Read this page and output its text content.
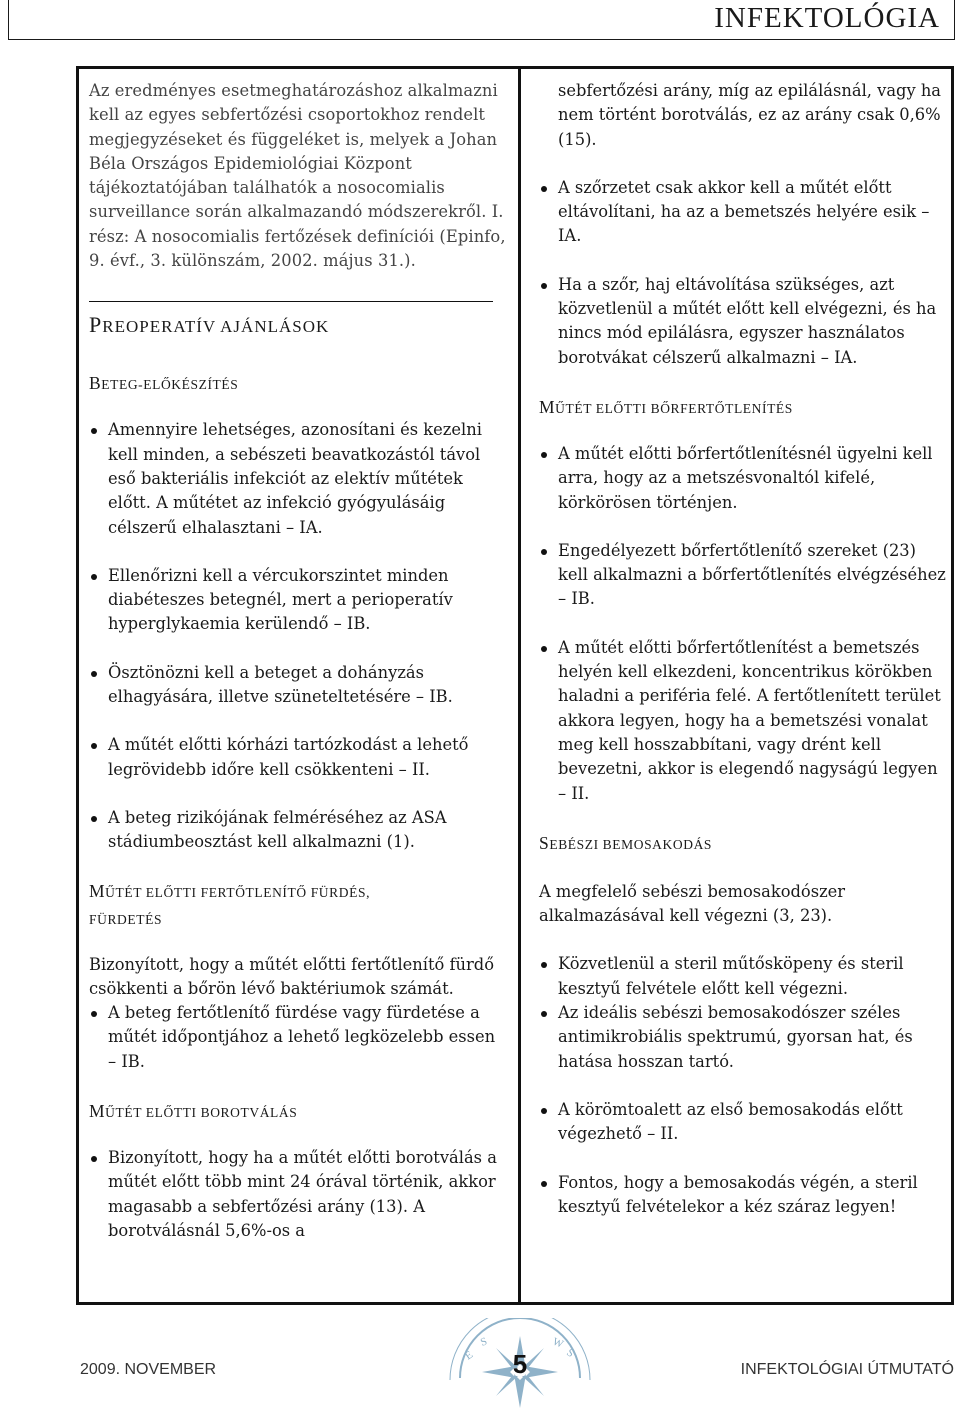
INFEKTOLÓGIA

Az eredményes esetmeghatározáshoz alkalmazni kell az egyes sebfertőzési csoportokhoz rendelt megjegyzéseket és függeléket is, melyek a Johan Béla Országos Epidemiológiai Központ tájékoztatójában találhatók a nosocomialis surveillance során alkalmazandó módszerekről. I. rész: A nosocomialis fertőzések definíciói (Epinfo, 9. évf., 3. különszám, 2002. május 31.).

PREOPERATÍV AJÁNLÁSOK
BETEG-ELŐKÉSZÍTÉS
Amennyire lehetséges, azonosítani és kezelni kell minden, a sebészeti beavatkozástól távol eső bakteriális infekciót az elektív műtétek előtt. A műtétet az infekció gyógyulásáig célszerű elhalasztani – IA.
Ellenőrizni kell a vércukorszintet minden diabéteszes betegnél, mert a perioperatív hyperglykaemia kerülendő – IB.
Ösztönözni kell a beteget a dohányzás elhagyására, illetve szüneteltetésére – IB.
A műtét előtti kórházi tartózkodást a lehető legrövidebb időre kell csökkenteni – II.
A beteg rizikójának felméréséhez az ASA stádiumbeosztást kell alkalmazni (1).
MŰTÉT ELŐTTI FERTŐTLENÍTŐ FÜRDÉS,
FÜRDETÉS

Bizonyított, hogy a műtét előtti fertőtlenítő fürdő csökkenti a bőrön lévő baktériumok számát.

A beteg fertőtlenítő fürdése vagy fürdetése a műtét időpontjához a lehető legközelebb essen – IB.
MŰTÉT ELŐTTI BOROTVÁLÁS
Bizonyított, hogy ha a műtét előtti borotválás a műtét előtt több mint 24 órával történik, akkor magasabb a sebfertőzési arány (13). A borotválásnál 5,6%-os a

sebfertőzési arány, míg az epilálásnál, vagy ha nem történt borotválás, ez az arány csak 0,6% (15).

A szőrzetet csak akkor kell a műtét előtt eltávolítani, ha az a bemetszés helyére esik – IA.
Ha a szőr, haj eltávolítása szükséges, azt közvetlenül a műtét előtt kell elvégezni, és ha nincs mód epilálásra, egyszer használatos borotvákat célszerű alkalmazni – IA.
MŰTÉT ELŐTTI BŐRFERTŐTLENÍTÉS
A műtét előtti bőrfertőtlenítésnél ügyelni kell arra, hogy az a metszésvonaltól kifelé, körkörösen történjen.
Engedélyezett bőrfertőtlenítő szereket (23) kell alkalmazni a bőrfertőtlenítés elvégzéséhez – IB.
A műtét előtti bőrfertőtlenítést a bemetszés helyén kell elkezdeni, koncentrikus körökben haladni a periféria felé. A fertőtlenített terület akkora legyen, hogy ha a bemetszési vonalat meg kell hosszabbítani, vagy drént kell bevezetni, akkor is elegendő nagyságú legyen – II.
SEBÉSZI BEMOSAKODÁS

A megfelelő sebészi bemosakodószer alkalmazásával kell végezni (3, 23).

Közvetlenül a steril műtősköpeny és steril kesztyű felvétele előtt kell végezni.
Az ideális sebészi bemosakodószer széles antimikrobiális spektrumú, gyorsan hat, és hatása hosszan tartó.
A körömtoalett az első bemosakodás előtt végezhető – II.
Fontos, hogy a bemosakodás végén, a steril kesztyű felvételekor a kéz száraz legyen!
2009. NOVEMBER
E
S	W
S
5	INFEKTOLÓGIAI ÚTMUTATÓ
